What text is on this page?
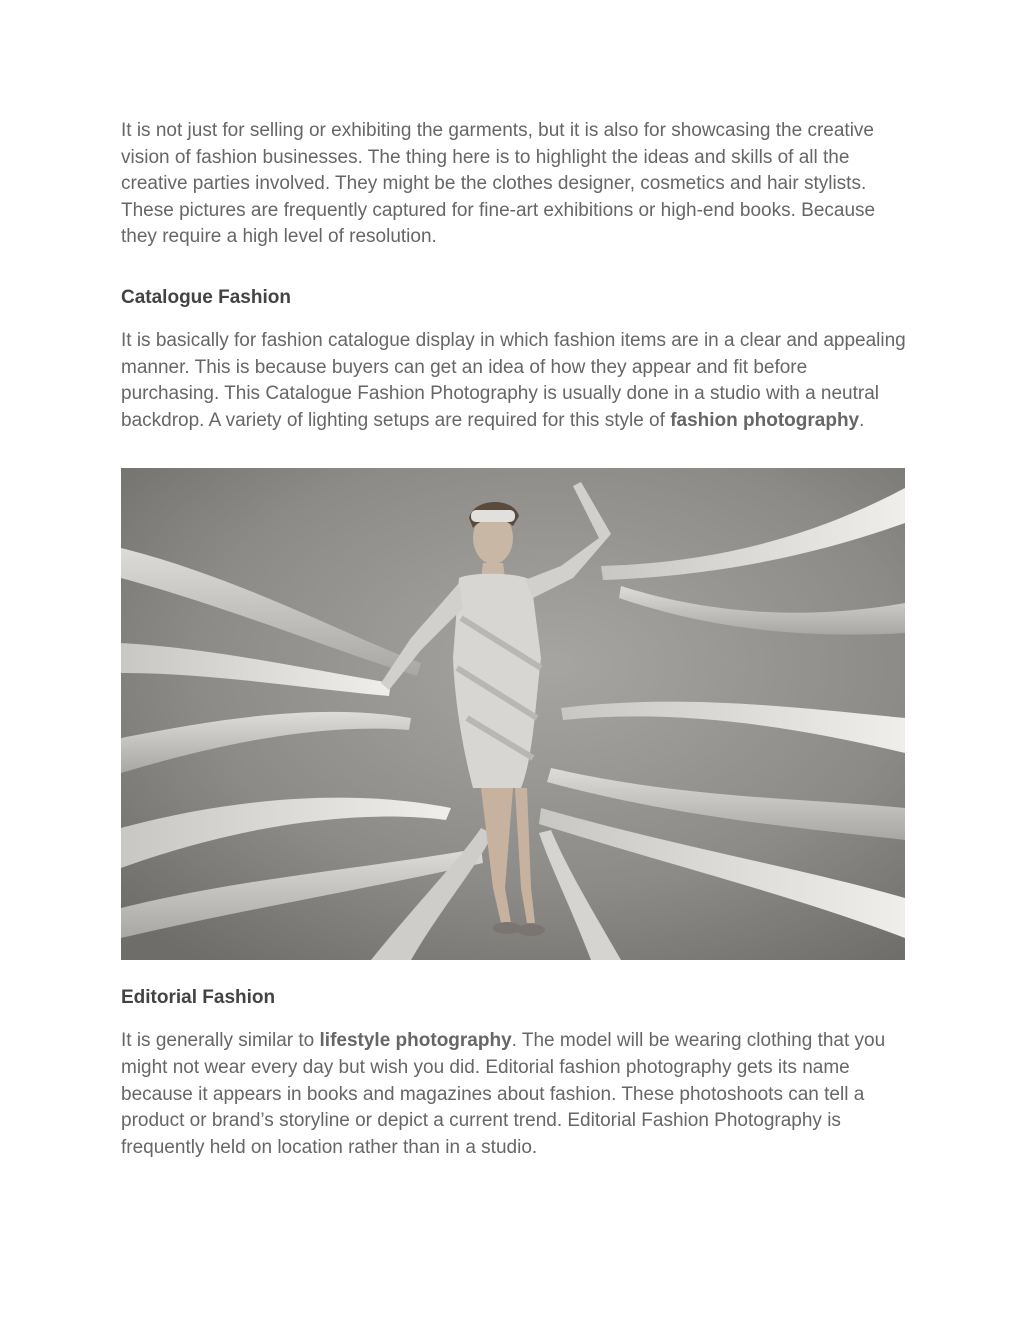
It is not just for selling or exhibiting the garments, but it is also for showcasing the creative vision of fashion businesses. The thing here is to highlight the ideas and skills of all the creative parties involved. They might be the clothes designer, cosmetics and hair stylists. These pictures are frequently captured for fine-art exhibitions or high-end books. Because they require a high level of resolution.

Catalogue Fashion

It is basically for fashion catalogue display in which fashion items are in a clear and appealing manner. This is because buyers can get an idea of how they appear and fit before purchasing. This Catalogue Fashion Photography is usually done in a studio with a neutral backdrop. A variety of lighting setups are required for this style of fashion photography.

Editorial Fashion

It is generally similar to lifestyle photography. The model will be wearing clothing that you might not wear every day but wish you did. Editorial fashion photography gets its name because it appears in books and magazines about fashion. These photoshoots can tell a product or brand’s storyline or depict a current trend. Editorial Fashion Photography is frequently held on location rather than in a studio.
